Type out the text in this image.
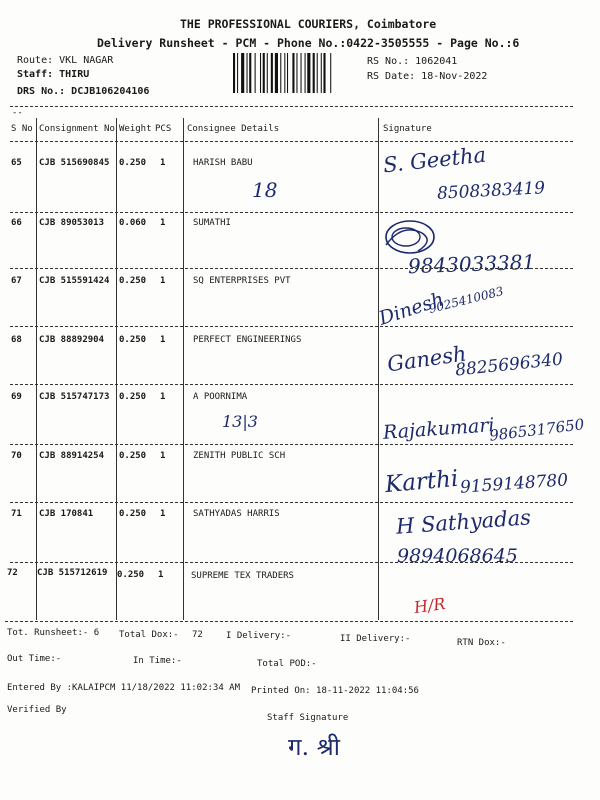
THE PROFESSIONAL COURIERS, Coimbatore
Delivery Runsheet - PCM - Phone No.:0422-3505555 - Page No.:6
Route: VKL NAGAR
Staff: THIRU
DRS No.: DCJB106204106
RS No.: 1062041
RS Date: 18-Nov-2022
--
S No Consignment No Weight PCS Consignee Details	Signature
65 CJB 515690845 0.250 1	HARISH BABU
18
S. Geetha
8508383419
66 CJB 89053013 0.060 1	SUMATHI
9843033381
67 CJB 515591424 0.250 1	SQ ENTERPRISES PVT
Dinesh
9025410083
68 CJB 88892904 0.250 1	PERFECT ENGINEERINGS
Ganesh
8825696340
69 CJB 515747173 0.250 1	A POORNIMA
13|3	Rajakumari
9865317650
70 CJB 88914254 0.250 1	ZENITH PUBLIC SCH
Karthi 9159148780
71 CJB 170841	0.250 1	SATHYADAS HARRIS	H Sathyadas
9894068645
72 CJB 515712619 0.250 1	SUPREME TEX TRADERS
H/R
Tot. Runsheet:- 6 Total Dox:- 72	I Delivery:-	II Delivery:-	RTN Dox:-
Out Time:-	In Time:-	Total POD:-
Entered By :KALAIPCM 11/18/2022 11:02:34 AM Printed On: 18-11-2022 11:04:56
Verified By
Staff Signature
ग. श्री
